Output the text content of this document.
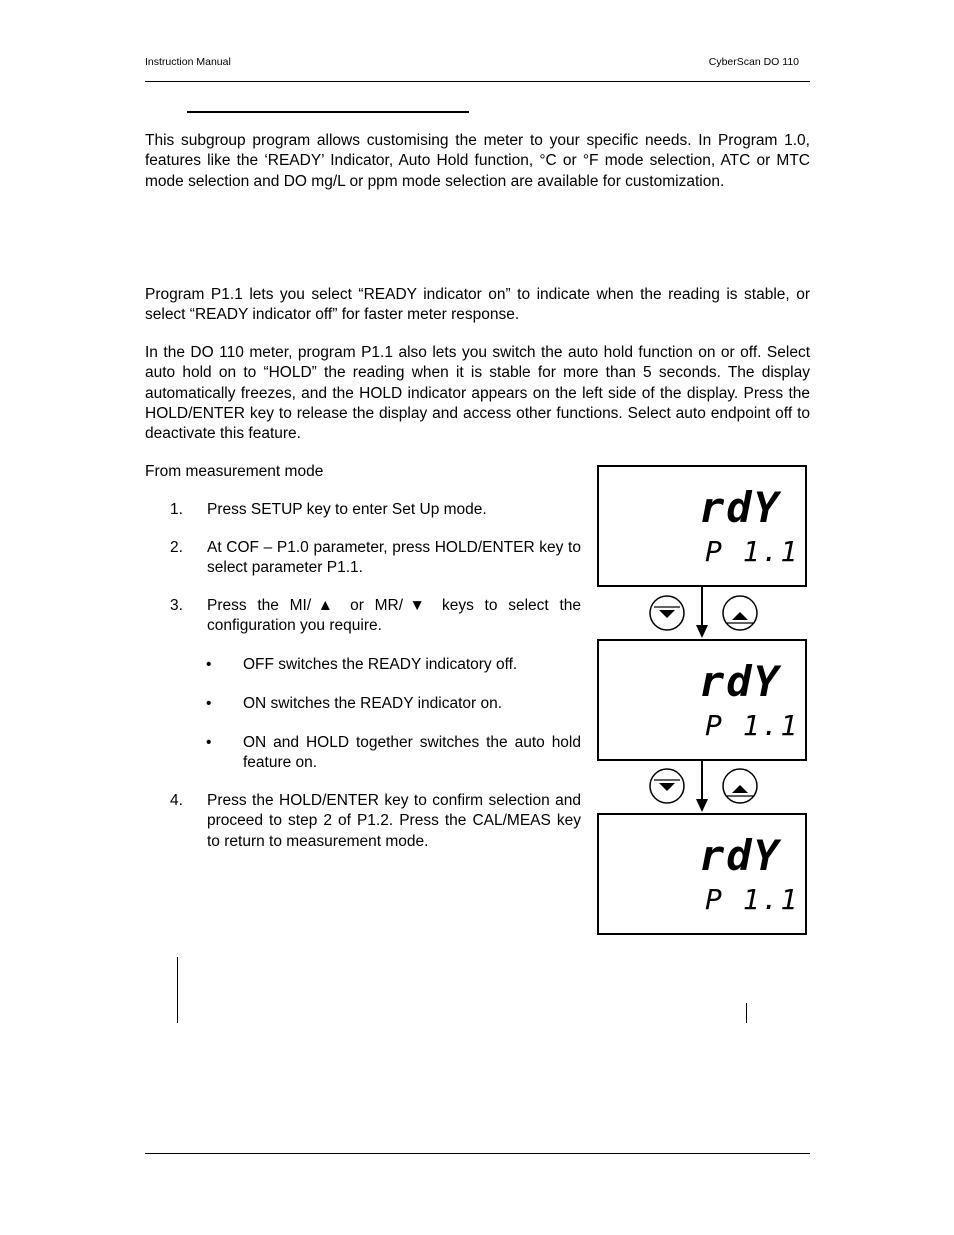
Instruction Manual	CyberScan DO 110

This subgroup program allows customising the meter to your specific needs. In Program 1.0, features like the ‘READY’ Indicator, Auto Hold function, °C or °F mode selection, ATC or MTC mode selection and DO mg/L or ppm mode selection are available for customization.

Program P1.1 lets you select “READY indicator on” to indicate when the reading is stable, or select “READY indicator off” for faster meter response.

In the DO 110 meter, program P1.1 also lets you switch the auto hold function on or off. Select auto hold on to “HOLD” the reading when it is stable for more than 5 seconds. The display automatically freezes, and the HOLD indicator appears on the left side of the display. Press the HOLD/ENTER key to release the display and access other functions. Select auto endpoint off to deactivate this feature.

From measurement mode

1. Press SETUP key to enter Set Up mode.
2. At COF – P1.0 parameter, press HOLD/ENTER key to select parameter P1.1.
3. Press the MI/▲ or MR/▼ keys to select the configuration you require.
• OFF switches the READY indicatory off.
• ON switches the READY indicator on.
• ON and HOLD together switches the auto hold feature on.
4. Press the HOLD/ENTER key to confirm selection and proceed to step 2 of P1.2. Press the CAL/MEAS key to return to measurement mode.
rdY
P 1.1
rdY
P 1.1
rdY
P 1.1
